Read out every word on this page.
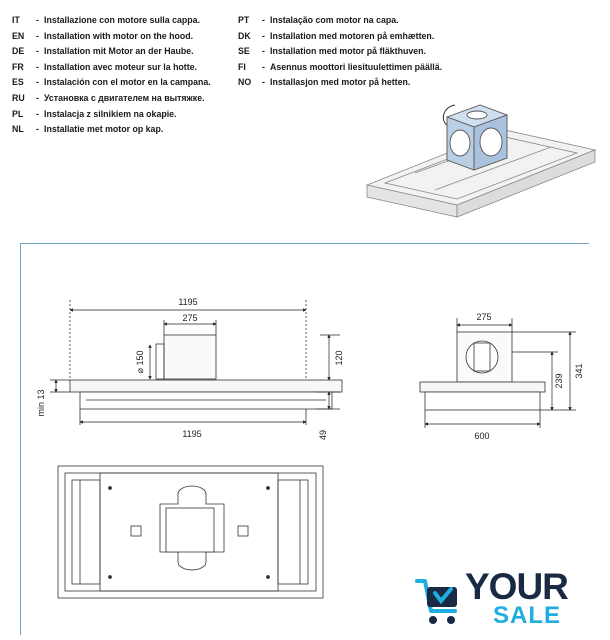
IT	- Installazione con motore sulla cappa.
EN	- Installation with motor on the hood.
DE	- Installation mit Motor an der Haube.
FR	- Installation avec moteur sur la hotte.
ES	- Instalación con el motor en la campana.
RU	- Установка с двигателем на вытяжке.
PL	- Instalacja z silnikiem na okapie.
NL	- Installatie met motor op kap.
PT	- Instalação com motor na capa.
DK	- Installation med motoren på emhætten.
SE	- Installation med motor på fläkthuven.
FI	- Asennus moottori liesituulettimen päällä.
NO	- Installasjon med motor på hetten.
1195
275
⌀ 150	120
min 13
1195	49
275
341
239
600
YOUR
SALE
